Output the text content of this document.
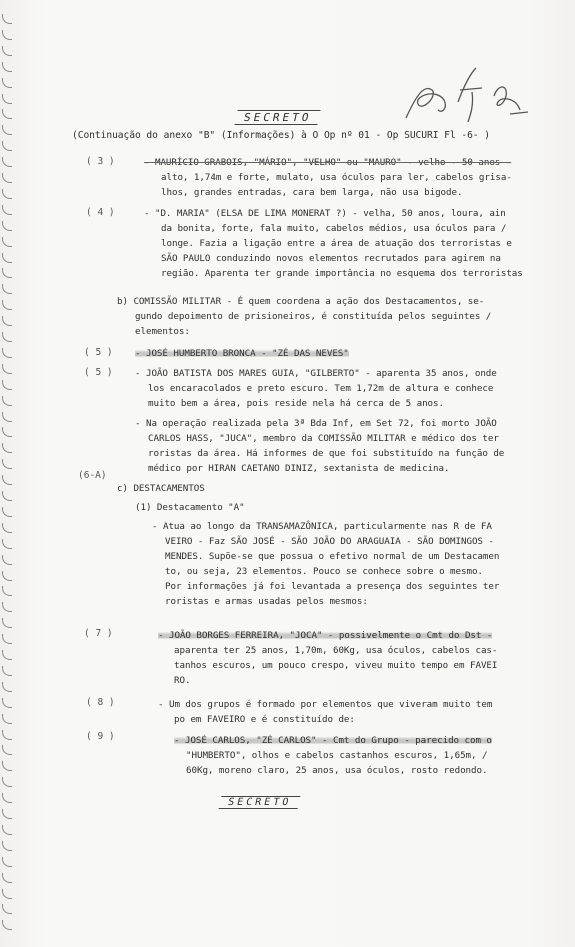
SECRETO
(Continuação do anexo "B" (Informações) à O Op nº 01 - Op SUCURI Fl -6- )
( 3 )
( 4 )
( 5 )
( 5 )
(6-A)
( 7 )
( 8 )
( 9 )
- MAURÍCIO GRABOIS, "MÁRIO", "VELHO" ou "MAURO" - velho - 50 anos -
alto, 1,74m e forte, mulato, usa óculos para ler, cabelos grisa-
lhos, grandes entradas, cara bem larga, não usa bigode.
- "D. MARIA" (ELSA DE LIMA MONERAT ?) - velha, 50 anos, loura, ain
da bonita, forte, fala muito, cabelos médios, usa óculos para /
longe. Fazia a ligação entre a área de atuação dos terroristas e
SÃO PAULO conduzindo novos elementos recrutados para agirem na
região. Aparenta ter grande importância no esquema dos terroristas
b) COMISSÃO MILITAR - É quem coordena a ação dos Destacamentos, se-
gundo depoimento de prisioneiros, é constituída pelos seguintes /
elementos:
- JOSÉ HUMBERTO BRONCA - "ZÉ DAS NEVES"
- JOÃO BATISTA DOS MARES GUIA, "GILBERTO" - aparenta 35 anos, onde
los encaracolados e preto escuro. Tem 1,72m de altura e conhece
muito bem a área, pois reside nela há cerca de 5 anos.
- Na operação realizada pela 3ª Bda Inf, em Set 72, foi morto JOÃO
CARLOS HASS, "JUCA", membro da COMISSÃO MILITAR e médico dos ter
roristas da área. Há informes de que foi substituído na função de
médico por HIRAN CAETANO DINIZ, sextanista de medicina.
c) DESTACAMENTOS
(1) Destacamento "A"
- Atua ao longo da TRANSAMAZÔNICA, particularmente nas R de FA
VEIRO - Faz SÃO JOSÉ - SÃO JOÃO DO ARAGUAIA - SÃO DOMINGOS -
MENDES. Supõe-se que possua o efetivo normal de um Destacamen
to, ou seja, 23 elementos. Pouco se conhece sobre o mesmo.
Por informações já foi levantada a presença dos seguintes ter
roristas e armas usadas pelos mesmos:
- JOÃO BORGES FERREIRA, "JOCA" - possivelmente o Cmt do Dst -
aparenta ter 25 anos, 1,70m, 60Kg, usa óculos, cabelos cas-
tanhos escuros, um pouco crespo, viveu muito tempo em FAVEI
RO.
- Um dos grupos é formado por elementos que viveram muito tem
po em FAVEIRO e é constituído de:
- JOSÉ CARLOS, "ZÉ CARLOS" - Cmt do Grupo - parecido com o
"HUMBERTO", olhos e cabelos castanhos escuros, 1,65m, /
60Kg, moreno claro, 25 anos, usa óculos, rosto redondo.
SECRETO
